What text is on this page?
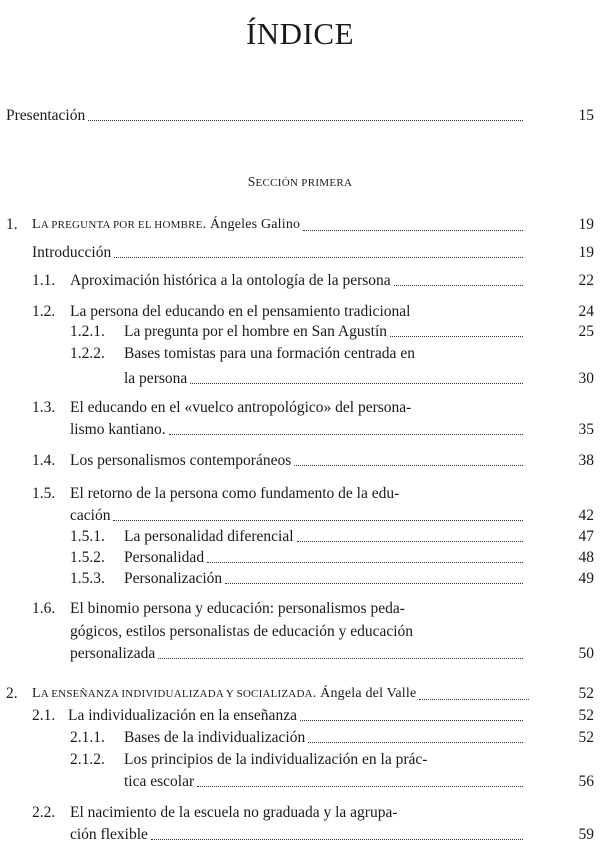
ÍNDICE
Presentación	15
SECCIÓN PRIMERA
1. LA PREGUNTA POR EL HOMBRE. Ángeles Galino	19
Introducción	19
1.1. Aproximación histórica a la ontología de la persona	22
1.2. La persona del educando en el pensamiento tradicional	24
1.2.1. La pregunta por el hombre en San Agustín	25
1.2.2. Bases tomistas para una formación centrada en
la persona	30
1.3. El educando en el «vuelco antropológico» del persona-
lismo kantiano.	35
1.4. Los personalismos contemporáneos	38
1.5. El retorno de la persona como fundamento de la edu-
cación	42
1.5.1. La personalidad diferencial	47
1.5.2. Personalidad	48
1.5.3. Personalización	49
1.6. El binomio persona y educación: personalismos peda-
gógicos, estilos personalistas de educación y educación
personalizada	50
2. LA ENSEÑANZA INDIVIDUALIZADA Y SOCIALIZADA. Ángela del Valle	52
2.1. La individualización en la enseñanza	52
2.1.1. Bases de la individualización	52
2.1.2. Los principios de la individualización en la prác-
tica escolar	56
2.2. El nacimiento de la escuela no graduada y la agrupa-
ción flexible	59
